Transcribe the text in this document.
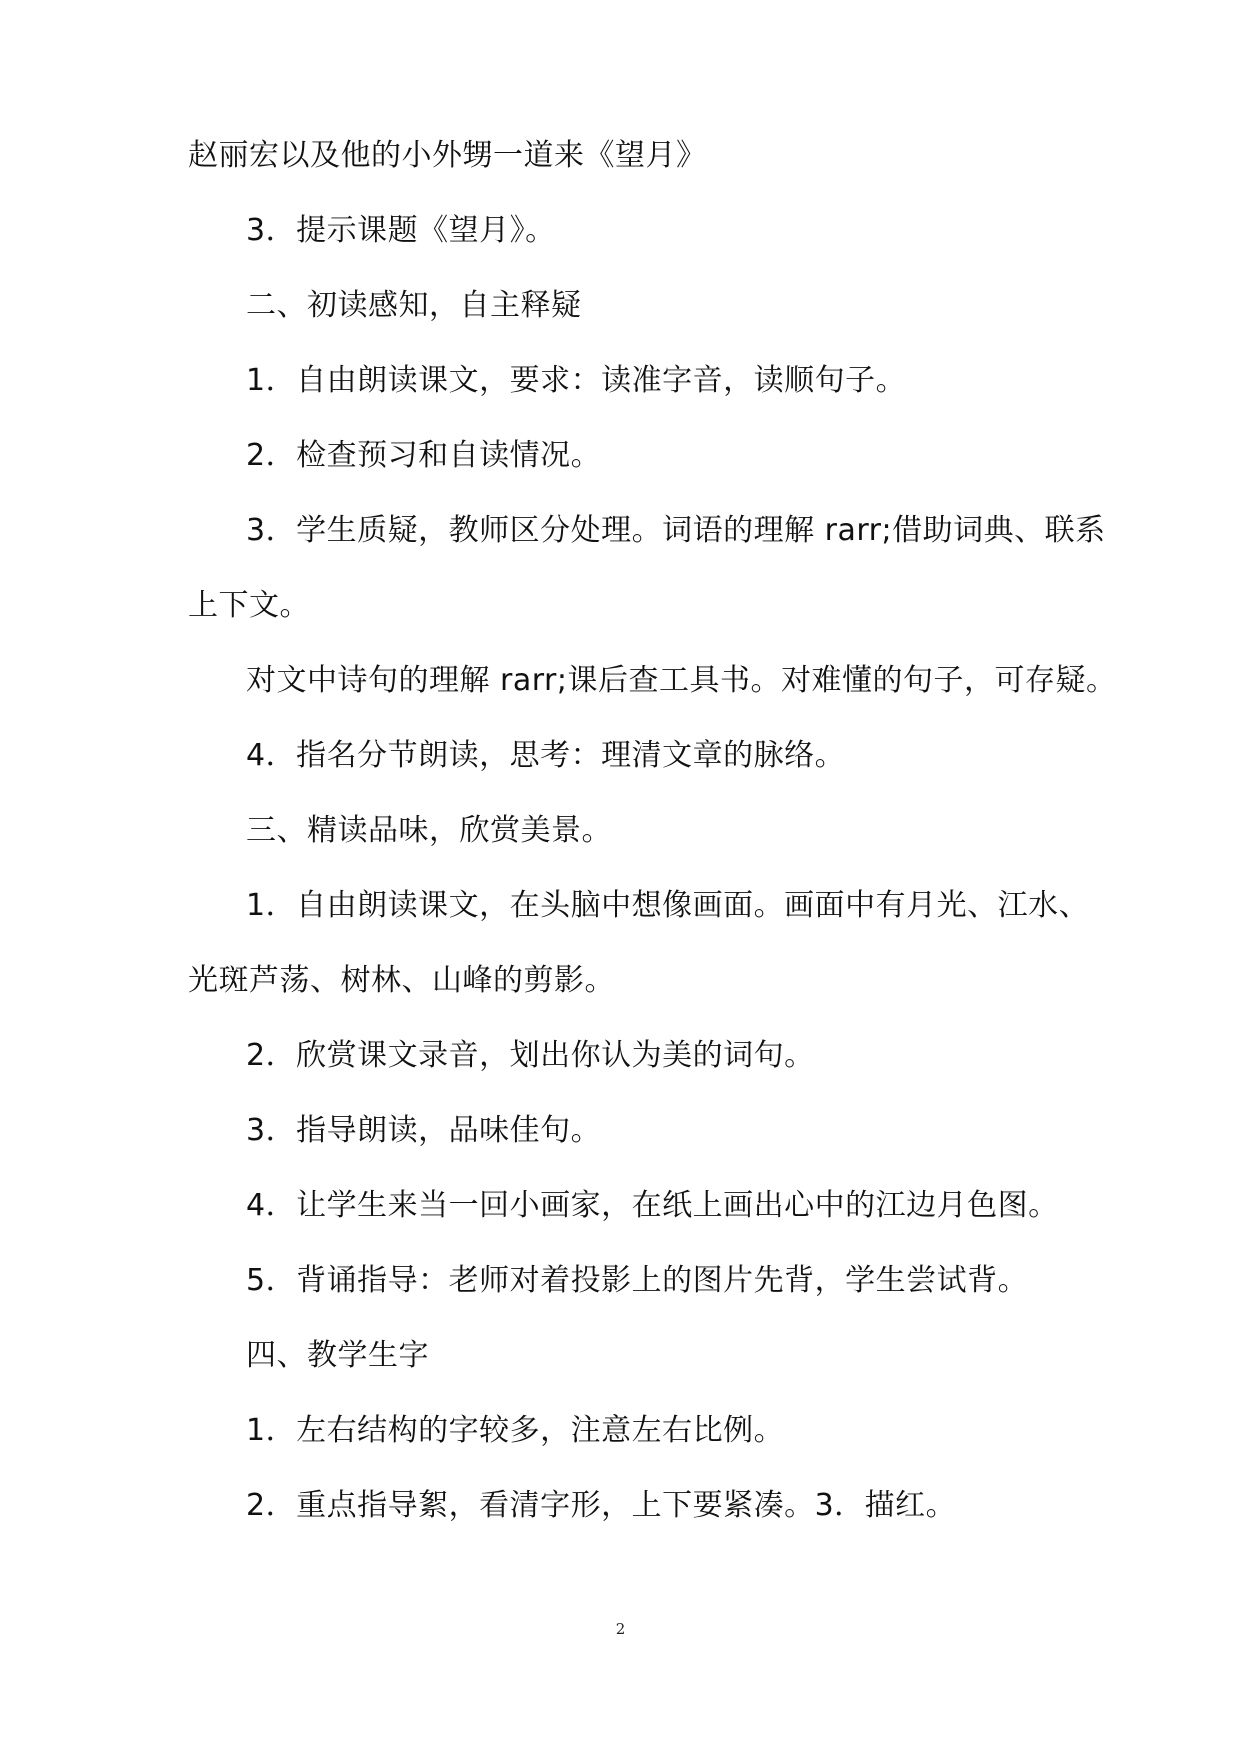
赵丽宏以及他的小外甥一道来《望月》
3．提示课题《望月》。
二、初读感知，自主释疑
1．自由朗读课文，要求：读准字音，读顺句子。
2．检查预习和自读情况。
3．学生质疑，教师区分处理。词语的理解 rarr;借助词典、联系
上下文。
对文中诗句的理解 rarr;课后查工具书。对难懂的句子，可存疑。
4．指名分节朗读，思考：理清文章的脉络。
三、精读品味，欣赏美景。
1．自由朗读课文，在头脑中想像画面。画面中有月光、江水、
光斑芦荡、树林、山峰的剪影。
2．欣赏课文录音，划出你认为美的词句。
3．指导朗读，品味佳句。
4．让学生来当一回小画家，在纸上画出心中的江边月色图。
5．背诵指导：老师对着投影上的图片先背，学生尝试背。
四、教学生字
1．左右结构的字较多，注意左右比例。
2．重点指导絮，看清字形，上下要紧凑。3．描红。
2
